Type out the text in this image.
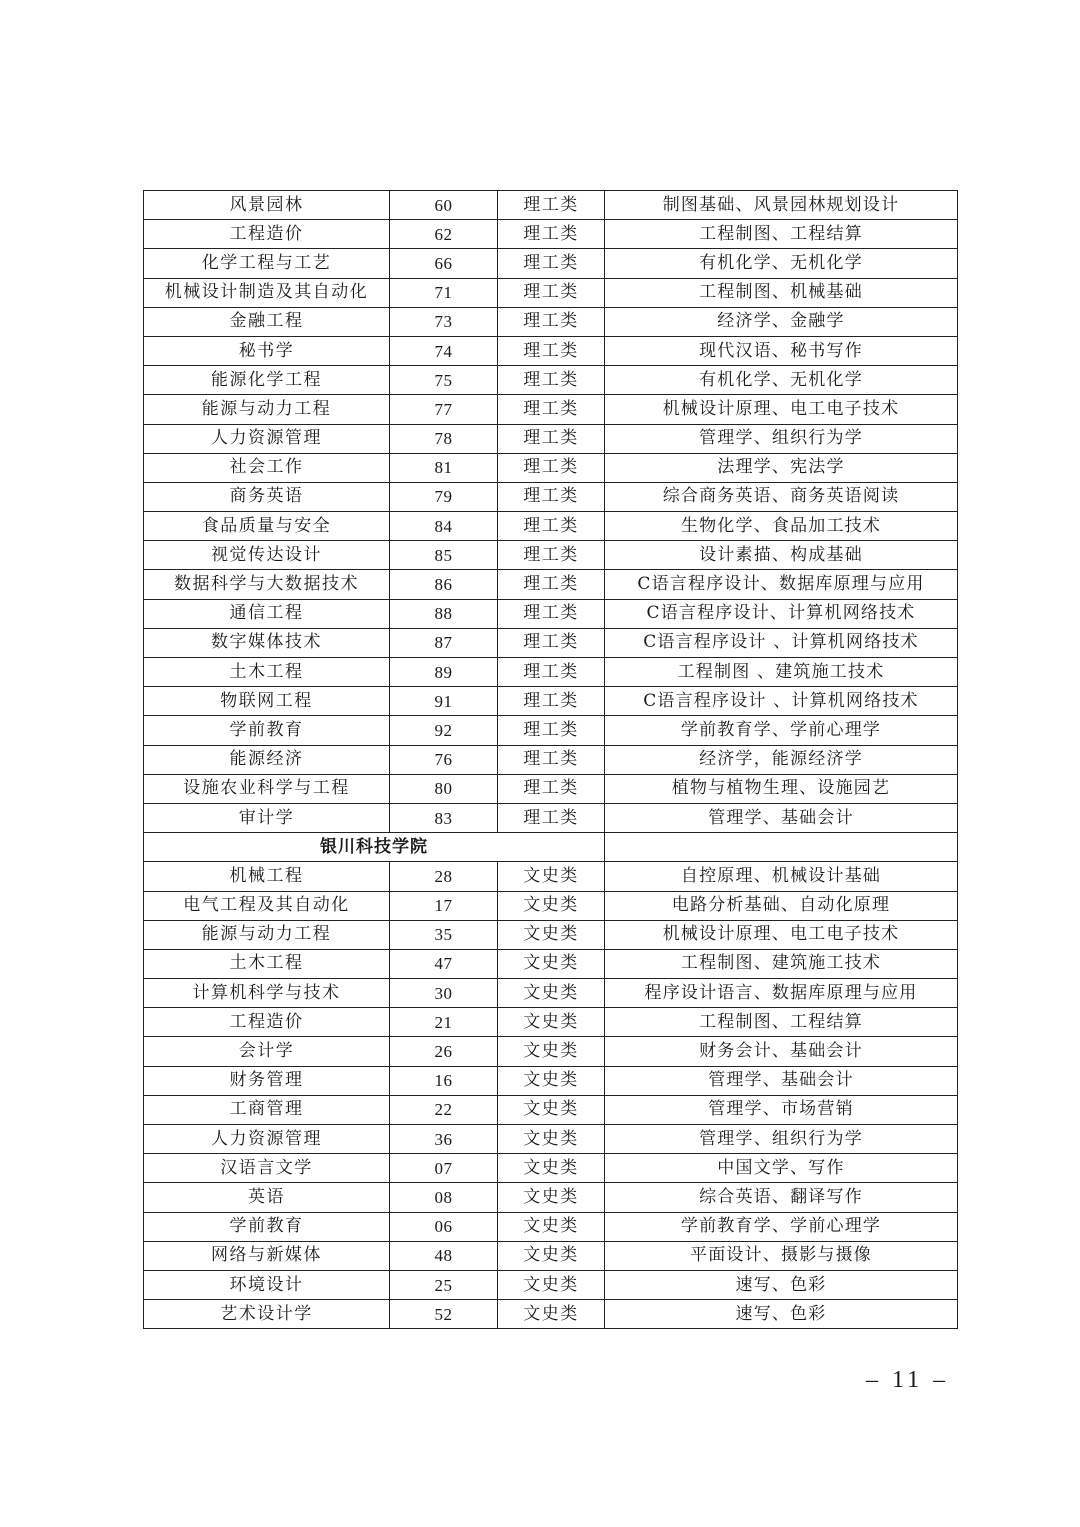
风景园林	60	理工类	制图基础、风景园林规划设计
工程造价	62	理工类	工程制图、工程结算
化学工程与工艺	66	理工类	有机化学、无机化学
机械设计制造及其自动化	71	理工类	工程制图、机械基础
金融工程	73	理工类	经济学、金融学
秘书学	74	理工类	现代汉语、秘书写作
能源化学工程	75	理工类	有机化学、无机化学
能源与动力工程	77	理工类	机械设计原理、电工电子技术
人力资源管理	78	理工类	管理学、组织行为学
社会工作	81	理工类	法理学、宪法学
商务英语	79	理工类	综合商务英语、商务英语阅读
食品质量与安全	84	理工类	生物化学、食品加工技术
视觉传达设计	85	理工类	设计素描、构成基础
数据科学与大数据技术	86	理工类	C语言程序设计、数据库原理与应用
通信工程	88	理工类	C语言程序设计、计算机网络技术
数字媒体技术	87	理工类	C语言程序设计 、计算机网络技术
土木工程	89	理工类	工程制图 、建筑施工技术
物联网工程	91	理工类	C语言程序设计 、计算机网络技术
学前教育	92	理工类	学前教育学、学前心理学
能源经济	76	理工类	经济学，能源经济学
设施农业科学与工程	80	理工类	植物与植物生理、设施园艺
审计学	83	理工类	管理学、基础会计
银川科技学院			
机械工程	28	文史类	自控原理、机械设计基础
电气工程及其自动化	17	文史类	电路分析基础、自动化原理
能源与动力工程	35	文史类	机械设计原理、电工电子技术
土木工程	47	文史类	工程制图、建筑施工技术
计算机科学与技术	30	文史类	程序设计语言、数据库原理与应用
工程造价	21	文史类	工程制图、工程结算
会计学	26	文史类	财务会计、基础会计
财务管理	16	文史类	管理学、基础会计
工商管理	22	文史类	管理学、市场营销
人力资源管理	36	文史类	管理学、组织行为学
汉语言文学	07	文史类	中国文学、写作
英语	08	文史类	综合英语、翻译写作
学前教育	06	文史类	学前教育学、学前心理学
网络与新媒体	48	文史类	平面设计、摄影与摄像
环境设计	25	文史类	速写、色彩
艺术设计学	52	文史类	速写、色彩
– 11 –
